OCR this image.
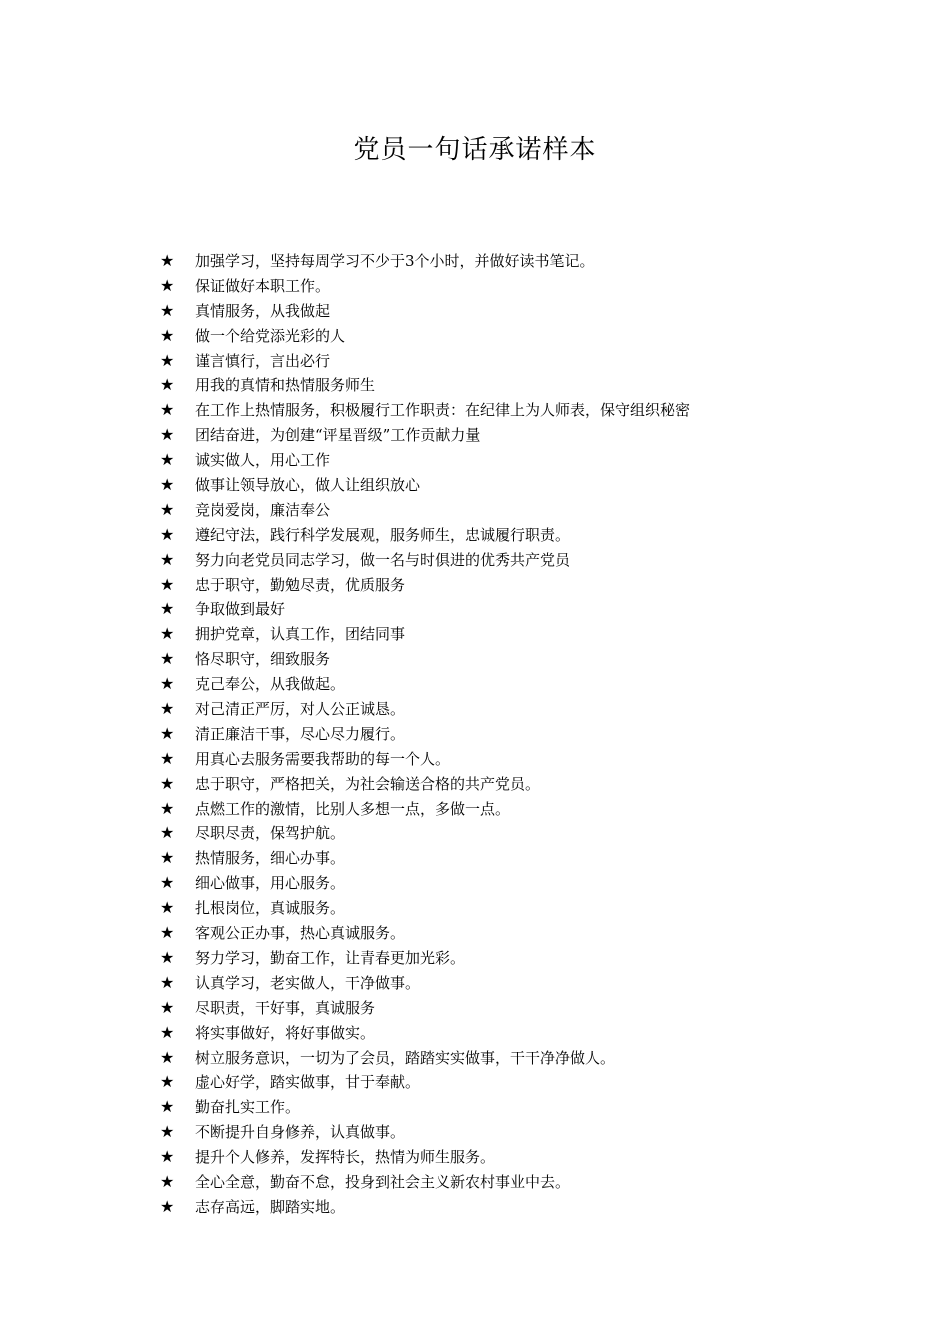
党员一句话承诺样本
★	加强学习，坚持每周学习不少于3个小时，并做好读书笔记。
★	保证做好本职工作。
★	真情服务，从我做起
★	做一个给党添光彩的人
★	谨言慎行，言出必行
★	用我的真情和热情服务师生
★	在工作上热情服务，积极履行工作职责：在纪律上为人师表，保守组织秘密
★	团结奋进，为创建“评星晋级”工作贡献力量
★	诚实做人，用心工作
★	做事让领导放心，做人让组织放心
★	竞岗爱岗，廉洁奉公
★	遵纪守法，践行科学发展观，服务师生，忠诚履行职责。
★	努力向老党员同志学习，做一名与时俱进的优秀共产党员
★	忠于职守，勤勉尽责，优质服务
★	争取做到最好
★	拥护党章，认真工作，团结同事
★	恪尽职守，细致服务
★	克己奉公，从我做起。
★	对己清正严厉，对人公正诚恳。
★	清正廉洁干事，尽心尽力履行。
★	用真心去服务需要我帮助的每一个人。
★	忠于职守，严格把关，为社会输送合格的共产党员。
★	点燃工作的激情，比别人多想一点，多做一点。
★	尽职尽责，保驾护航。
★	热情服务，细心办事。
★	细心做事，用心服务。
★	扎根岗位，真诚服务。
★	客观公正办事，热心真诚服务。
★	努力学习，勤奋工作，让青春更加光彩。
★	认真学习，老实做人，干净做事。
★	尽职责，干好事，真诚服务
★	将实事做好，将好事做实。
★	树立服务意识，一切为了会员，踏踏实实做事，干干净净做人。
★	虚心好学，踏实做事，甘于奉献。
★	勤奋扎实工作。
★	不断提升自身修养，认真做事。
★	提升个人修养，发挥特长，热情为师生服务。
★	全心全意，勤奋不怠，投身到社会主义新农村事业中去。
★	志存高远，脚踏实地。
